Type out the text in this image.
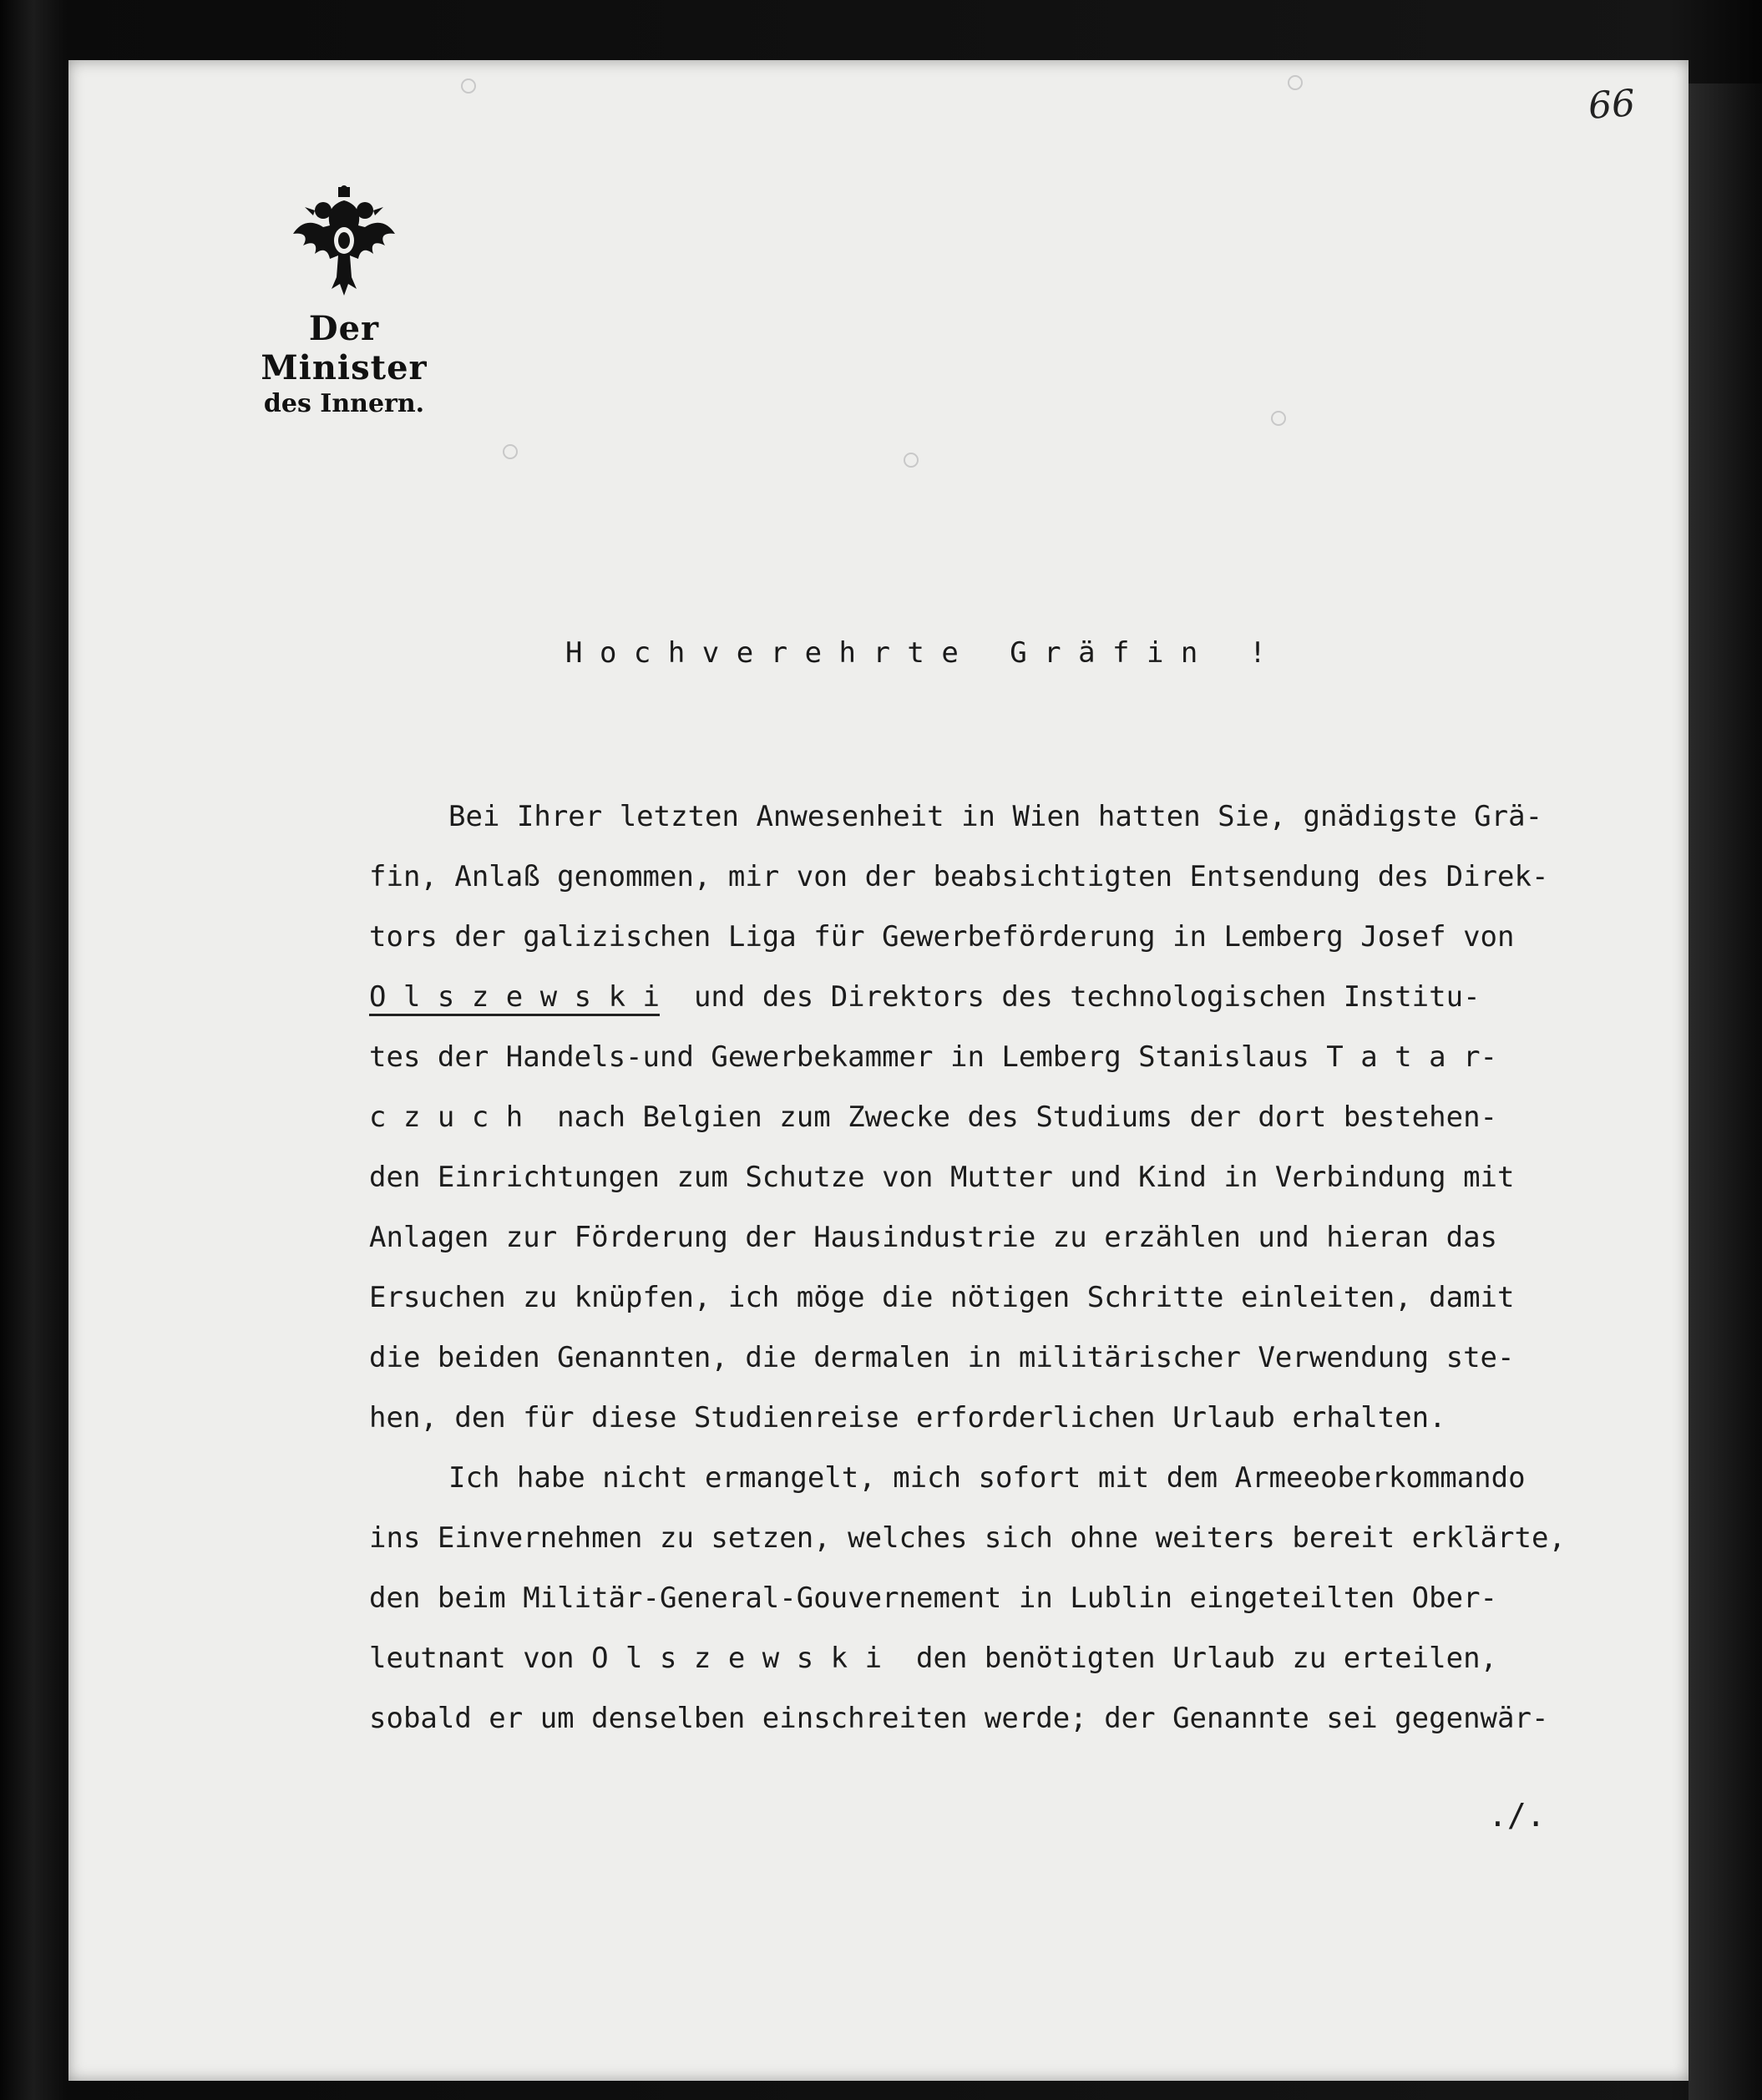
66
Der Minister
des Innern.
H o c h v e r e h r t e   G r ä f i n   !
Bei Ihrer letzten Anwesenheit in Wien hatten Sie, gnädigste Grä-
fin, Anlaß genommen, mir von der beabsichtigten Entsendung des Direk-
tors der galizischen Liga für Gewerbeförderung in Lemberg Josef von
O l s z e w s k i und des Direktors des technologischen Institu-
tes der Handels-und Gewerbekammer in Lemberg Stanislaus T a t a r-
c z u c h  nach Belgien zum Zwecke des Studiums der dort bestehen-
den Einrichtungen zum Schutze von Mutter und Kind in Verbindung mit
Anlagen zur Förderung der Hausindustrie zu erzählen und hieran das
Ersuchen zu knüpfen, ich möge die nötigen Schritte einleiten, damit
die beiden Genannten, die dermalen in militärischer Verwendung ste-
hen, den für diese Studienreise erforderlichen Urlaub erhalten.
Ich habe nicht ermangelt, mich sofort mit dem Armeeoberkommando
ins Einvernehmen zu setzen, welches sich ohne weiters bereit erklärte,
den beim Militär-General-Gouvernement in Lublin eingeteilten Ober-
leutnant von O l s z e w s k i  den benötigten Urlaub zu erteilen,
sobald er um denselben einschreiten werde; der Genannte sei gegenwär-
./.
